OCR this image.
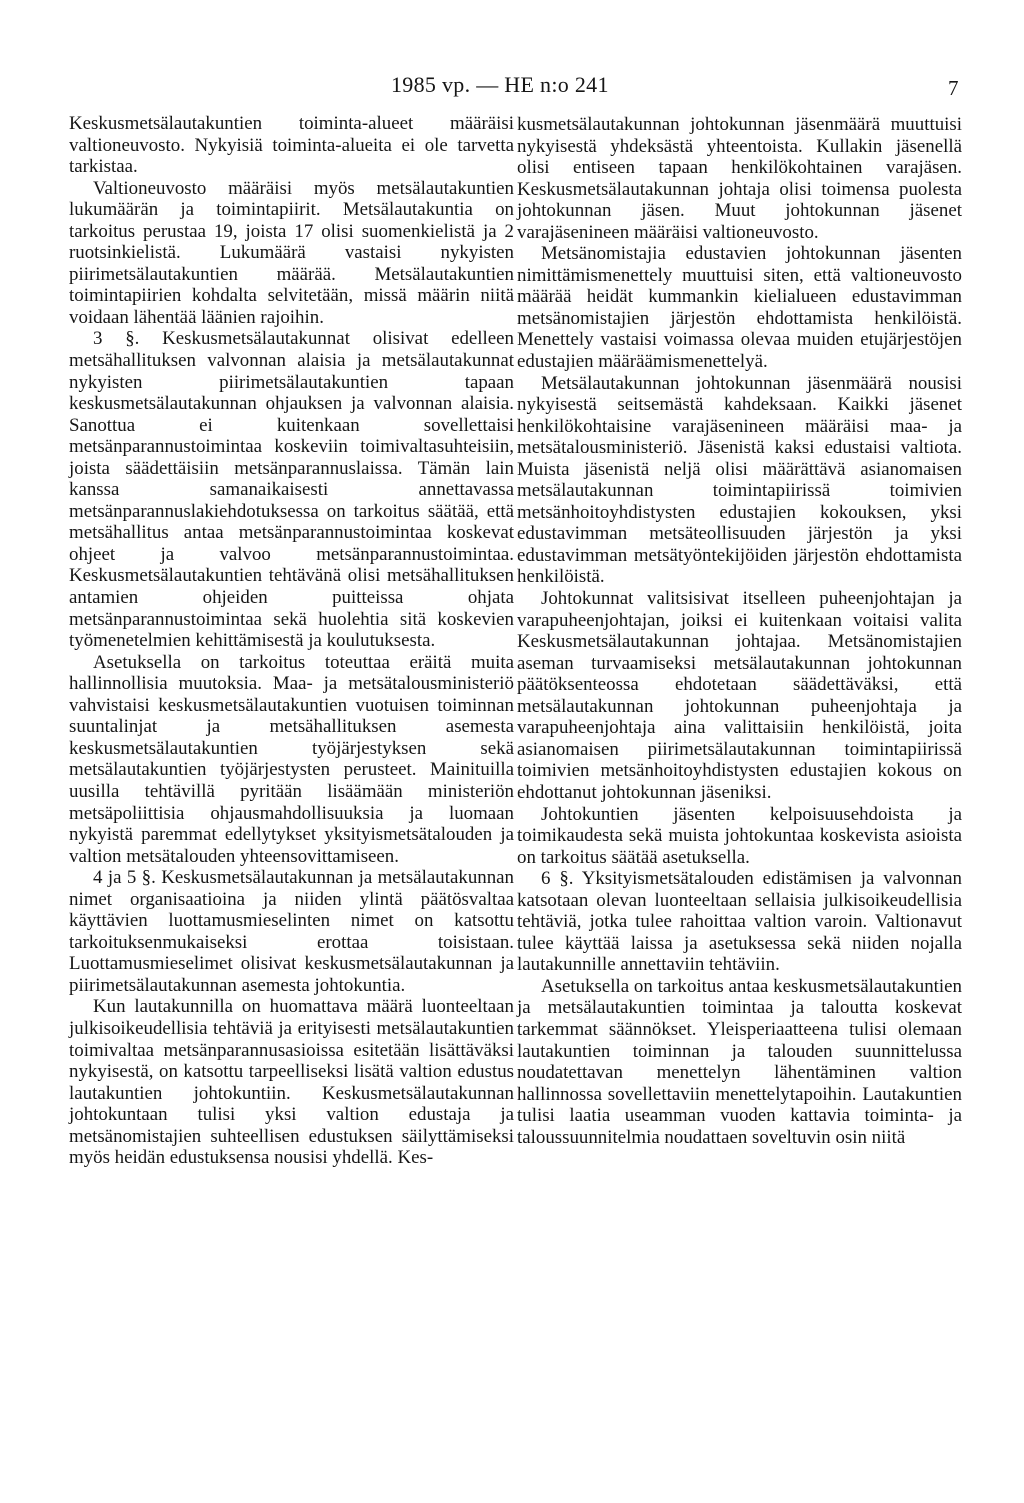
1985 vp. — HE n:o 241	7

Keskusmetsälautakuntien toiminta-alueet määräisi valtioneuvosto. Nykyisiä toiminta-alueita ei ole tarvetta tarkistaa.

Valtioneuvosto määräisi myös metsälautakuntien lukumäärän ja toimintapiirit. Metsälautakuntia on tarkoitus perustaa 19, joista 17 olisi suomenkielistä ja 2 ruotsinkielistä. Lukumäärä vastaisi nykyisten piirimetsälautakuntien määrää. Metsälautakuntien toimintapiirien kohdalta selvitetään, missä määrin niitä voidaan lähentää läänien rajoihin.

3 §. Keskusmetsälautakunnat olisivat edelleen metsähallituksen valvonnan alaisia ja metsälautakunnat nykyisten piirimetsälautakuntien tapaan keskusmetsälautakunnan ohjauksen ja valvonnan alaisia. Sanottua ei kuitenkaan sovellettaisi metsänparannustoimintaa koskeviin toimivaltasuhteisiin, joista säädettäisiin metsänparannuslaissa. Tämän lain kanssa samanaikaisesti annettavassa metsänparannuslakiehdotuksessa on tarkoitus säätää, että metsähallitus antaa metsänparannustoimintaa koskevat ohjeet ja valvoo metsänparannustoimintaa. Keskusmetsälautakuntien tehtävänä olisi metsähallituksen antamien ohjeiden puitteissa ohjata metsänparannustoimintaa sekä huolehtia sitä koskevien työmenetelmien kehittämisestä ja koulutuksesta.

Asetuksella on tarkoitus toteuttaa eräitä muita hallinnollisia muutoksia. Maa- ja metsätalousministeriö vahvistaisi keskusmetsälautakuntien vuotuisen toiminnan suuntalinjat ja metsähallituksen asemesta keskusmetsälautakuntien työjärjestyksen sekä metsälautakuntien työjärjestysten perusteet. Mainituilla uusilla tehtävillä pyritään lisäämään ministeriön metsäpoliittisia ohjausmahdollisuuksia ja luomaan nykyistä paremmat edellytykset yksityismetsätalouden ja valtion metsätalouden yhteensovittamiseen.

4 ja 5 §. Keskusmetsälautakunnan ja metsälautakunnan nimet organisaatioina ja niiden ylintä päätösvaltaa käyttävien luottamusmieselinten nimet on katsottu tarkoituksenmukaiseksi erottaa toisistaan. Luottamusmieselimet olisivat keskusmetsälautakunnan ja piirimetsälautakunnan asemesta johtokuntia.

Kun lautakunnilla on huomattava määrä luonteeltaan julkisoikeudellisia tehtäviä ja erityisesti metsälautakuntien toimivaltaa metsänparannusasioissa esitetään lisättäväksi nykyisestä, on katsottu tarpeelliseksi lisätä valtion edustus lautakuntien johtokuntiin. Keskusmetsälautakunnan johtokuntaan tulisi yksi valtion edustaja ja metsänomistajien suhteellisen edustuksen säilyttämiseksi myös heidän edustuksensa nousisi yhdellä. Kes-

kusmetsälautakunnan johtokunnan jäsenmäärä muuttuisi nykyisestä yhdeksästä yhteentoista. Kullakin jäsenellä olisi entiseen tapaan henkilökohtainen varajäsen. Keskusmetsälautakunnan johtaja olisi toimensa puolesta johtokunnan jäsen. Muut johtokunnan jäsenet varajäsenineen määräisi valtioneuvosto.

Metsänomistajia edustavien johtokunnan jäsenten nimittämismenettely muuttuisi siten, että valtioneuvosto määrää heidät kummankin kielialueen edustavimman metsänomistajien järjestön ehdottamista henkilöistä. Menettely vastaisi voimassa olevaa muiden etujärjestöjen edustajien määräämismenettelyä.

Metsälautakunnan johtokunnan jäsenmäärä nousisi nykyisestä seitsemästä kahdeksaan. Kaikki jäsenet henkilökohtaisine varajäsenineen määräisi maa- ja metsätalousministeriö. Jäsenistä kaksi edustaisi valtiota. Muista jäsenistä neljä olisi määrättävä asianomaisen metsälautakunnan toimintapiirissä toimivien metsänhoitoyhdistysten edustajien kokouksen, yksi edustavimman metsäteollisuuden järjestön ja yksi edustavimman metsätyöntekijöiden järjestön ehdottamista henkilöistä.

Johtokunnat valitsisivat itselleen puheenjohtajan ja varapuheenjohtajan, joiksi ei kuitenkaan voitaisi valita Keskusmetsälautakunnan johtajaa. Metsänomistajien aseman turvaamiseksi metsälautakunnan johtokunnan päätöksenteossa ehdotetaan säädettäväksi, että metsälautakunnan johtokunnan puheenjohtaja ja varapuheenjohtaja aina valittaisiin henkilöistä, joita asianomaisen piirimetsälautakunnan toimintapiirissä toimivien metsänhoitoyhdistysten edustajien kokous on ehdottanut johtokunnan jäseniksi.

Johtokuntien jäsenten kelpoisuusehdoista ja toimikaudesta sekä muista johtokuntaa koskevista asioista on tarkoitus säätää asetuksella.

6 §. Yksityismetsätalouden edistämisen ja valvonnan katsotaan olevan luonteeltaan sellaisia julkisoikeudellisia tehtäviä, jotka tulee rahoittaa valtion varoin. Valtionavut tulee käyttää laissa ja asetuksessa sekä niiden nojalla lautakunnille annettaviin tehtäviin.

Asetuksella on tarkoitus antaa keskusmetsälautakuntien ja metsälautakuntien toimintaa ja taloutta koskevat tarkemmat säännökset. Yleisperiaatteena tulisi olemaan lautakuntien toiminnan ja talouden suunnittelussa noudatettavan menettelyn lähentäminen valtion hallinnossa sovellettaviin menettelytapoihin. Lautakuntien tulisi laatia useamman vuoden kattavia toiminta- ja taloussuunnitelmia noudattaen soveltuvin osin niitä
